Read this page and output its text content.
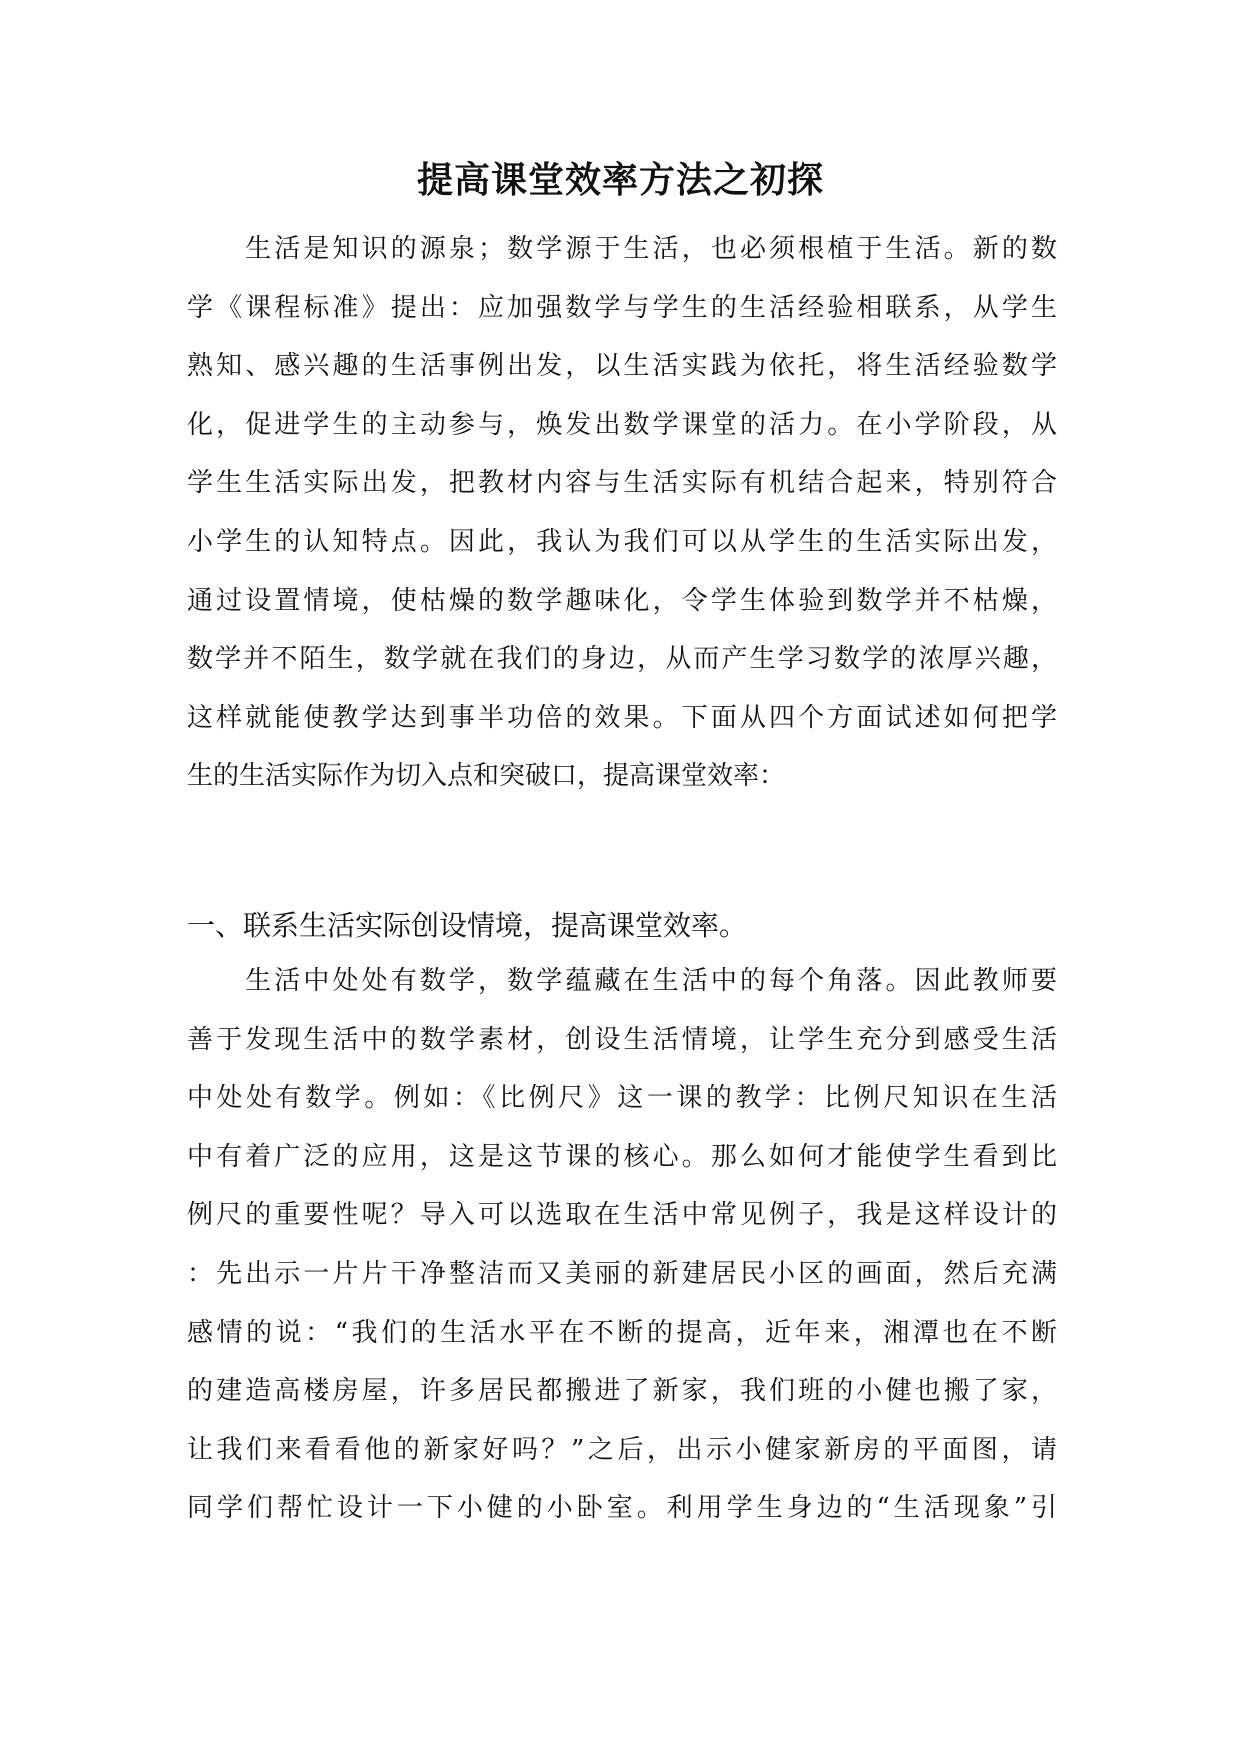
提高课堂效率方法之初探
　　生活是知识的源泉；数学源于生活，也必须根植于生活。新的数
学《课程标准》提出：应加强数学与学生的生活经验相联系，从学生
熟知、感兴趣的生活事例出发，以生活实践为依托，将生活经验数学
化，促进学生的主动参与，焕发出数学课堂的活力。在小学阶段，从
学生生活实际出发，把教材内容与生活实际有机结合起来，特别符合
小学生的认知特点。因此，我认为我们可以从学生的生活实际出发，
通过设置情境，使枯燥的数学趣味化，令学生体验到数学并不枯燥，
数学并不陌生，数学就在我们的身边，从而产生学习数学的浓厚兴趣，
这样就能使教学达到事半功倍的效果。下面从四个方面试述如何把学
生的生活实际作为切入点和突破口，提高课堂效率：
一、联系生活实际创设情境，提高课堂效率。
　　生活中处处有数学，数学蕴藏在生活中的每个角落。因此教师要
善于发现生活中的数学素材，创设生活情境，让学生充分到感受生活
中处处有数学。例如：《比例尺》这一课的教学：比例尺知识在生活
中有着广泛的应用，这是这节课的核心。那么如何才能使学生看到比
例尺的重要性呢？导入可以选取在生活中常见例子，我是这样设计的
：先出示一片片干净整洁而又美丽的新建居民小区的画面，然后充满
感情的说：“我们的生活水平在不断的提高，近年来，湘潭也在不断
的建造高楼房屋，许多居民都搬进了新家，我们班的小健也搬了家，
让我们来看看他的新家好吗？”之后，出示小健家新房的平面图，请
同学们帮忙设计一下小健的小卧室。利用学生身边的“生活现象”引
